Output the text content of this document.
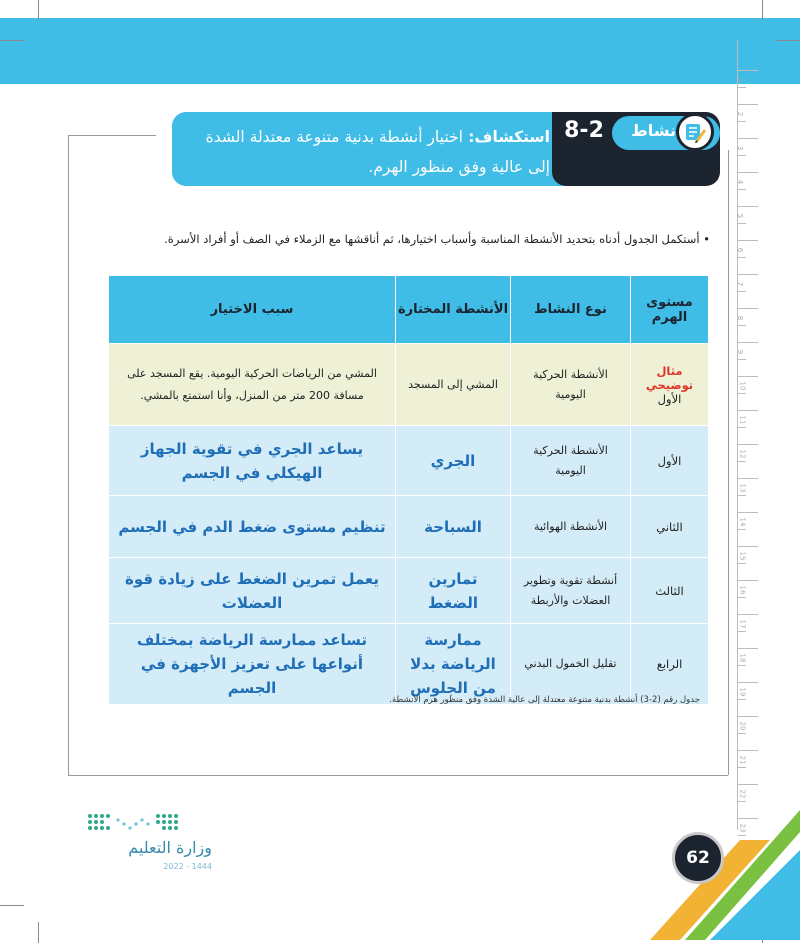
1
2
3
4
5
6
7
8
9
10
11
12
13
14
15
16
17
18
19
20
21
22
23
نشاط
8-2
استكشاف: اختيار أنشطة بدنية متنوعة معتدلة الشدة إلى عالية وفق منظور الهرم.
• أستكمل الجدول أدناه بتحديد الأنشطة المناسبة وأسباب اختيارها، ثم أناقشها مع الزملاء في الصف أو أفراد الأسرة.
مستوى الهرم	نوع النشاط	الأنشطة المختارة	سبب الاختيار

مثال توضيحي
الأول	الأنشطة الحركية اليومية	المشي إلى المسجد	المشي من الرياضات الحركية اليومية. يقع المسجد على مسافة 200 متر من المنزل، وأنا استمتع بالمشي.
الأول	الأنشطة الحركية اليومية	الجري	يساعد الجري في تقوية الجهاز الهيكلي في الجسم
الثاني	الأنشطة الهوائية	السباحة	تنظيم مستوى ضغط الدم في الجسم
الثالث	أنشطة تقوية وتطوير العضلات والأربطة	تمارين الضغط	يعمل تمرين الضغط على زيادة قوة العضلات
الرابع	تقليل الخمول البدني	ممارسة الرياضة بدلا من الجلوس	تساعد ممارسة الرياضة بمختلف أنواعها على تعزيز الأجهزة في الجسم
جدول رقم (2-3) أنشطة بدنية متنوعة معتدلة إلى عالية الشدة وفق منظور هرم الأنشطة.
وزارة التعليم
2022 - 1444	62
